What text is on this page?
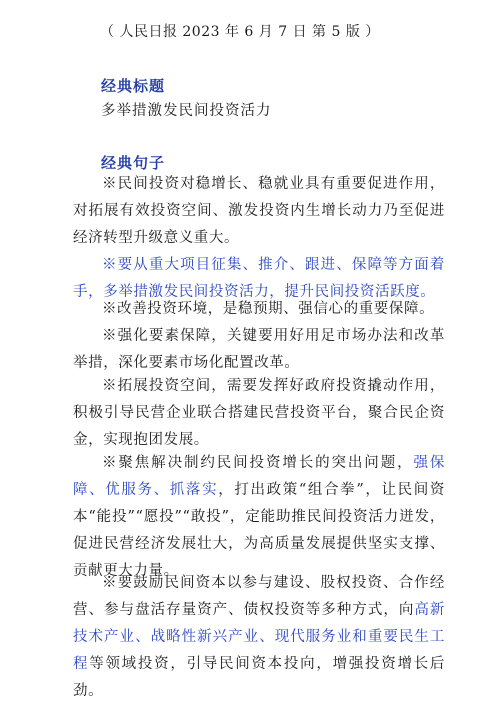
（ 人民日报 2023 年 6 月 7 日 第 5 版 ）
经典标题
多举措激发民间投资活力
经典句子

※民间投资对稳增长、稳就业具有重要促进作用，对拓展有效投资空间、激发投资内生增长动力乃至促进经济转型升级意义重大。

※要从重大项目征集、推介、跟进、保障等方面着手，多举措激发民间投资活力，提升民间投资活跃度。

※改善投资环境，是稳预期、强信心的重要保障。

※强化要素保障，关键要用好用足市场办法和改革举措，深化要素市场化配置改革。

※拓展投资空间，需要发挥好政府投资撬动作用，积极引导民营企业联合搭建民营投资平台，聚合民企资金，实现抱团发展。

※聚焦解决制约民间投资增长的突出问题，强保障、优服务、抓落实，打出政策“组合拳”，让民间资本“能投”“愿投”“敢投”，定能助推民间投资活力迸发，促进民营经济发展壮大，为高质量发展提供坚实支撑、贡献更大力量。

※要鼓励民间资本以参与建设、股权投资、合作经营、参与盘活存量资产、债权投资等多种方式，向高新技术产业、战略性新兴产业、现代服务业和重要民生工程等领域投资，引导民间资本投向，增强投资增长后劲。
